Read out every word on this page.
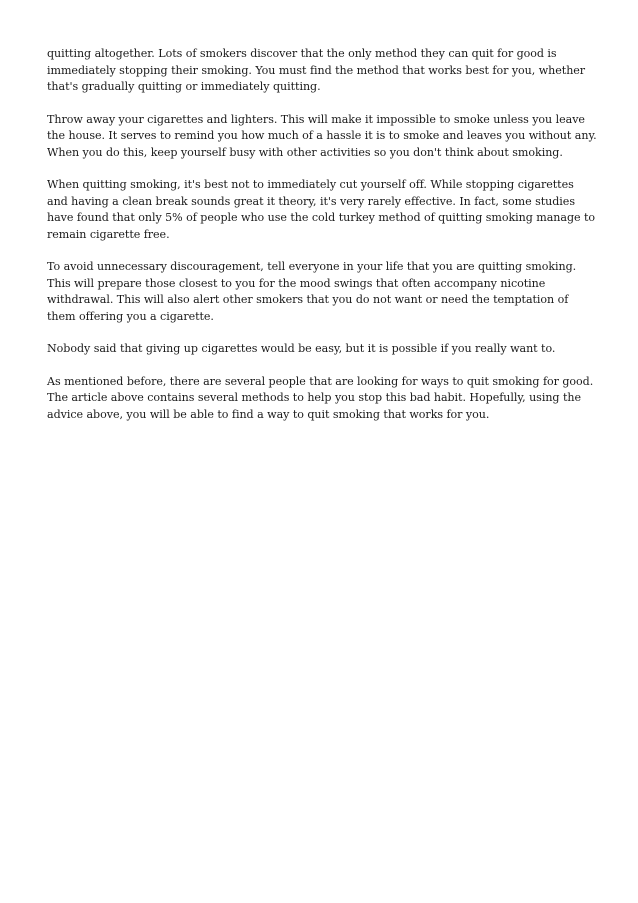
quitting altogether. Lots of smokers discover that the only method they can quit for good is immediately stopping their smoking. You must find the method that works best for you, whether that's gradually quitting or immediately quitting.

Throw away your cigarettes and lighters. This will make it impossible to smoke unless you leave the house. It serves to remind you how much of a hassle it is to smoke and leaves you without any. When you do this, keep yourself busy with other activities so you don't think about smoking.

When quitting smoking, it's best not to immediately cut yourself off. While stopping cigarettes and having a clean break sounds great it theory, it's very rarely effective. In fact, some studies have found that only 5% of people who use the cold turkey method of quitting smoking manage to remain cigarette free.

To avoid unnecessary discouragement, tell everyone in your life that you are quitting smoking. This will prepare those closest to you for the mood swings that often accompany nicotine withdrawal. This will also alert other smokers that you do not want or need the temptation of them offering you a cigarette.

Nobody said that giving up cigarettes would be easy, but it is possible if you really want to.

As mentioned before, there are several people that are looking for ways to quit smoking for good. The article above contains several methods to help you stop this bad habit. Hopefully, using the advice above, you will be able to find a way to quit smoking that works for you.
